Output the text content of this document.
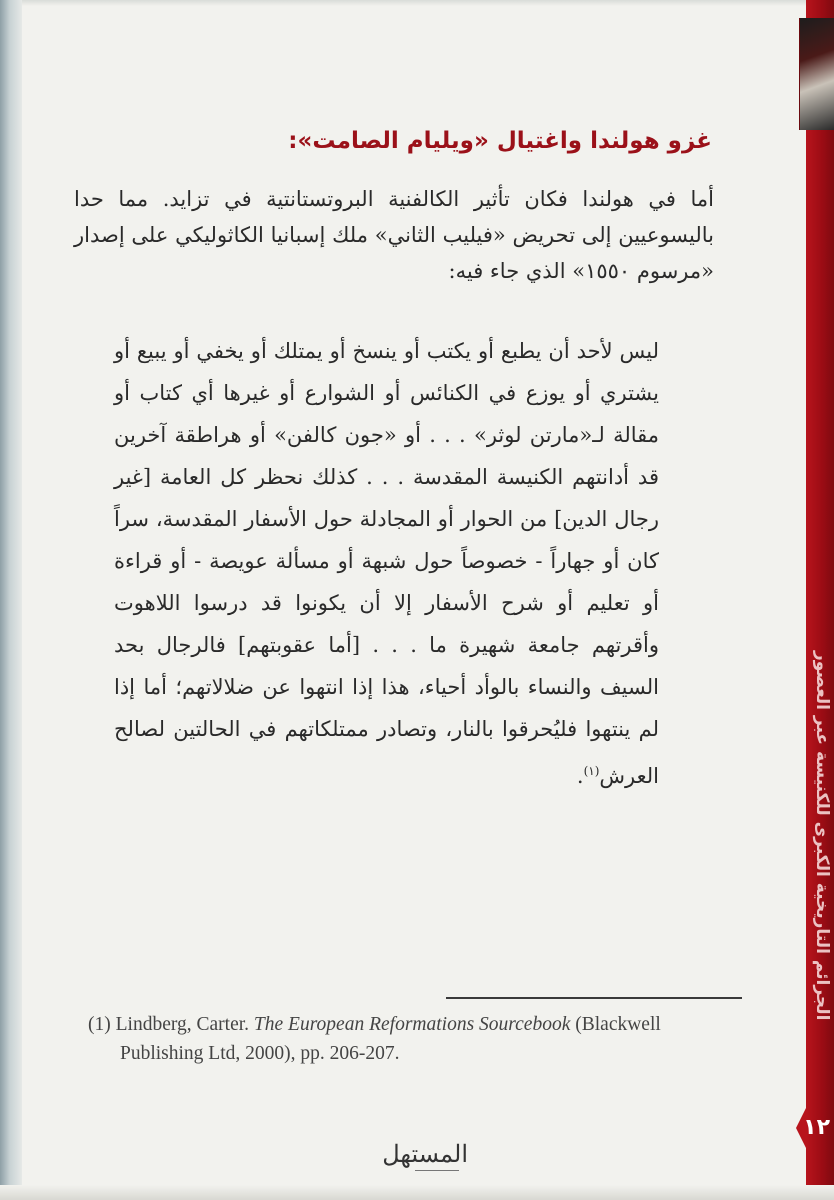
الجرائم التاريخية الكبرى للكنيسة عبر العصور
١٢
غزو هولندا واغتيال «ويليام الصامت»:
أما في هولندا فكان تأثير الكالفنية البروتستانتية في تزايد. مما حدا باليسوعيين إلى تحريض «فيليب الثاني» ملك إسبانيا الكاثوليكي على إصدار «مرسوم ١٥٥٠» الذي جاء فيه:
ليس لأحد أن يطبع أو يكتب أو ينسخ أو يمتلك أو يخفي أو يبيع أو يشتري أو يوزع في الكنائس أو الشوارع أو غيرها أي كتاب أو مقالة لـ«مارتن لوثر» . . . أو «جون كالفن» أو هراطقة آخرين قد أدانتهم الكنيسة المقدسة . . . كذلك نحظر كل العامة [غير رجال الدين] من الحوار أو المجادلة حول الأسفار المقدسة، سراً كان أو جهاراً - خصوصاً حول شبهة أو مسألة عويصة - أو قراءة أو تعليم أو شرح الأسفار إلا أن يكونوا قد درسوا اللاهوت وأقرتهم جامعة شهيرة ما . . . [أما عقوبتهم] فالرجال بحد السيف والنساء بالوأد أحياء، هذا إذا انتهوا عن ضلالاتهم؛ أما إذا لم ينتهوا فليُحرقوا بالنار، وتصادر ممتلكاتهم في الحالتين لصالح العرش$^{(١)}$.
(1) Lindberg, Carter. The European Reformations Sourcebook (Blackwell
Publishing Ltd, 2000), pp. 206-207.
المستهل
